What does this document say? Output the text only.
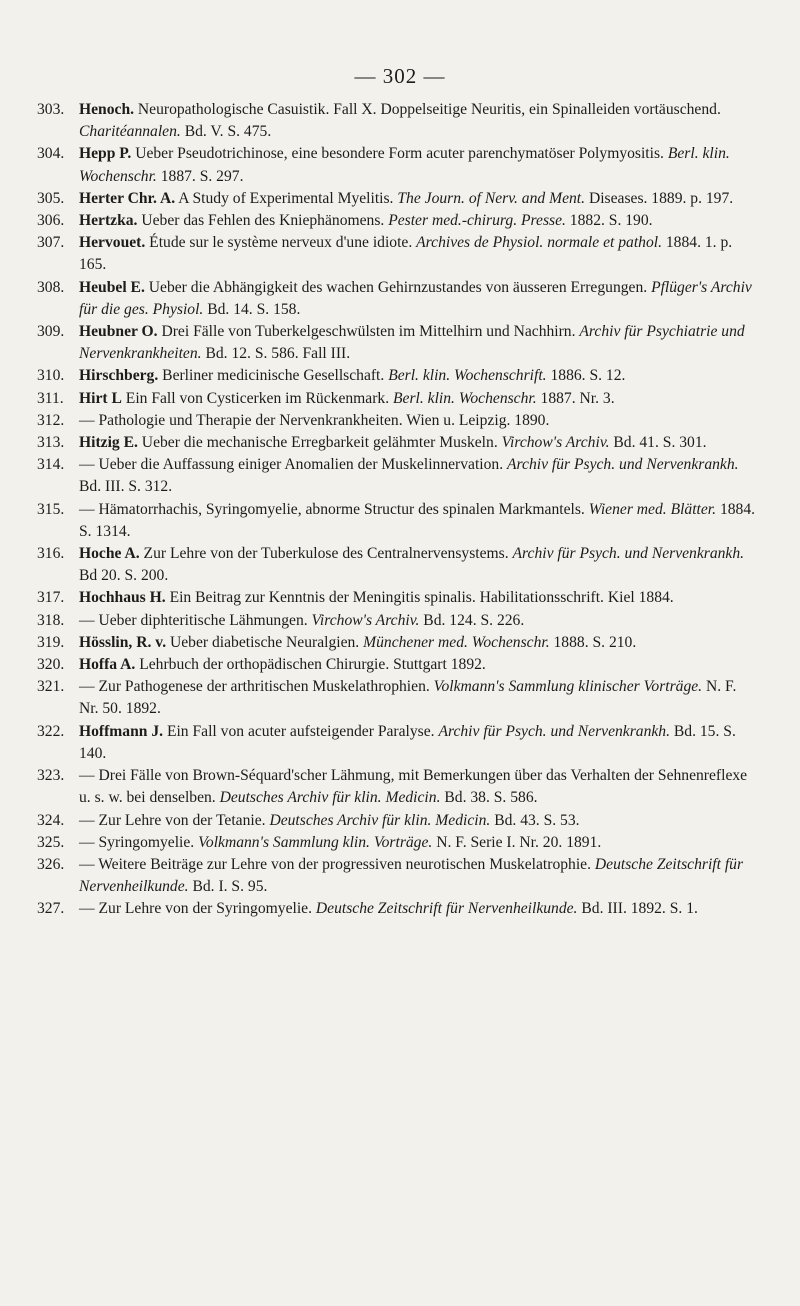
— 302 —
303. Henoch. Neuropathologische Casuistik. Fall X. Doppelseitige Neuritis, ein Spinalleiden vortäuschend. Charitéannalen. Bd. V. S. 475.
304. Hepp P. Ueber Pseudotrichinose, eine besondere Form acuter parenchymatöser Polymyositis. Berl. klin. Wochenschr. 1887. S. 297.
305. Herter Chr. A. A Study of Experimental Myelitis. The Journ. of Nerv. and Ment. Diseases. 1889. p. 197.
306. Hertzka. Ueber das Fehlen des Kniephänomens. Pester med.-chirurg. Presse. 1882. S. 190.
307. Hervouet. Étude sur le système nerveux d'une idiote. Archives de Physiol. normale et pathol. 1884. 1. p. 165.
308. Heubel E. Ueber die Abhängigkeit des wachen Gehirnzustandes von äusseren Erregungen. Pflüger's Archiv für die ges. Physiol. Bd. 14. S. 158.
309. Heubner O. Drei Fälle von Tuberkelgeschwülsten im Mittelhirn und Nachhirn. Archiv für Psychiatrie und Nervenkrankheiten. Bd. 12. S. 586. Fall III.
310. Hirschberg. Berliner medicinische Gesellschaft. Berl. klin. Wochenschrift. 1886. S. 12.
311. Hirt L Ein Fall von Cysticerken im Rückenmark. Berl. klin. Wochenschr. 1887. Nr. 3.
312. — Pathologie und Therapie der Nervenkrankheiten. Wien u. Leipzig. 1890.
313. Hitzig E. Ueber die mechanische Erregbarkeit gelähmter Muskeln. Virchow's Archiv. Bd. 41. S. 301.
314. — Ueber die Auffassung einiger Anomalien der Muskelinnervation. Archiv für Psych. und Nervenkrankh. Bd. III. S. 312.
315. — Hämatorrhachis, Syringomyelie, abnorme Structur des spinalen Markmantels. Wiener med. Blätter. 1884. S. 1314.
316. Hoche A. Zur Lehre von der Tuberkulose des Centralnervensystems. Archiv für Psych. und Nervenkrankh. Bd 20. S. 200.
317. Hochhaus H. Ein Beitrag zur Kenntnis der Meningitis spinalis. Habilitationsschrift. Kiel 1884.
318. — Ueber diphteritische Lähmungen. Virchow's Archiv. Bd. 124. S. 226.
319. Hösslin, R. v. Ueber diabetische Neuralgien. Münchener med. Wochenschr. 1888. S. 210.
320. Hoffa A. Lehrbuch der orthopädischen Chirurgie. Stuttgart 1892.
321. — Zur Pathogenese der arthritischen Muskelathrophien. Volkmann's Sammlung klinischer Vorträge. N. F. Nr. 50. 1892.
322. Hoffmann J. Ein Fall von acuter aufsteigender Paralyse. Archiv für Psych. und Nervenkrankh. Bd. 15. S. 140.
323. — Drei Fälle von Brown-Séquard'scher Lähmung, mit Bemerkungen über das Verhalten der Sehnenreflexe u. s. w. bei denselben. Deutsches Archiv für klin. Medicin. Bd. 38. S. 586.
324. — Zur Lehre von der Tetanie. Deutsches Archiv für klin. Medicin. Bd. 43. S. 53.
325. — Syringomyelie. Volkmann's Sammlung klin. Vorträge. N. F. Serie I. Nr. 20. 1891.
326. — Weitere Beiträge zur Lehre von der progressiven neurotischen Muskelatrophie. Deutsche Zeitschrift für Nervenheilkunde. Bd. I. S. 95.
327. — Zur Lehre von der Syringomyelie. Deutsche Zeitschrift für Nervenheilkunde. Bd. III. 1892. S. 1.
